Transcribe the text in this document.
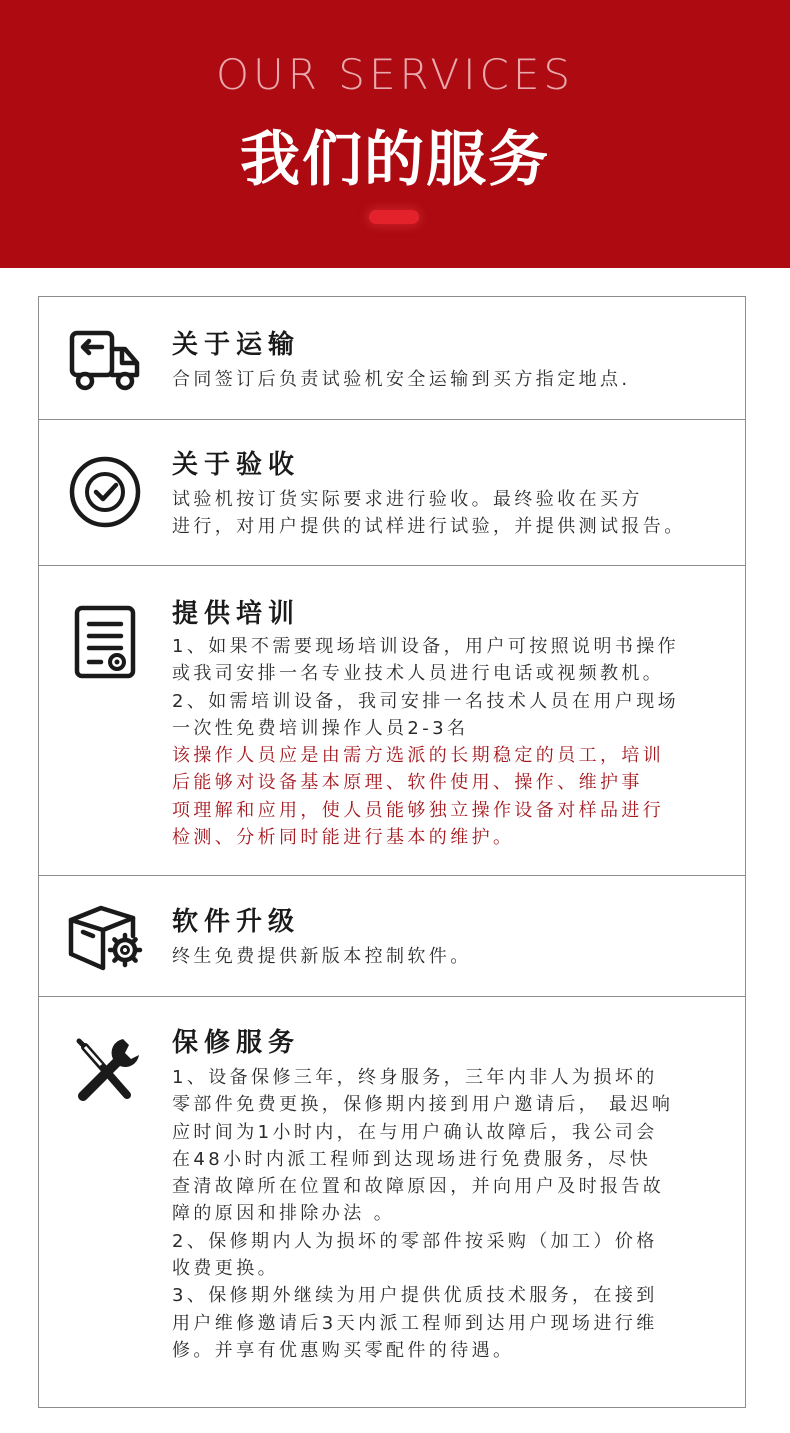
OUR SERVICES
我们的服务
关于运输
合同签订后负责试验机安全运输到买方指定地点.
关于验收
试验机按订货实际要求进行验收。最终验收在买方
进行，对用户提供的试样进行试验，并提供测试报告。
提供培训
1、如果不需要现场培训设备，用户可按照说明书操作
或我司安排一名专业技术人员进行电话或视频教机。
2、如需培训设备，我司安排一名技术人员在用户现场
一次性免费培训操作人员2-3名
该操作人员应是由需方选派的长期稳定的员工，培训
后能够对设备基本原理、软件使用、操作、维护事
项理解和应用，使人员能够独立操作设备对样品进行
检测、分析同时能进行基本的维护。
软件升级
终生免费提供新版本控制软件。
保修服务
1、设备保修三年，终身服务，三年内非人为损坏的
零部件免费更换，保修期内接到用户邀请后， 最迟响
应时间为1小时内，在与用户确认故障后，我公司会
在48小时内派工程师到达现场进行免费服务，尽快
查清故障所在位置和故障原因，并向用户及时报告故
障的原因和排除办法 。
2、保修期内人为损坏的零部件按采购（加工）价格
收费更换。
3、保修期外继续为用户提供优质技术服务，在接到
用户维修邀请后3天内派工程师到达用户现场进行维
修。并享有优惠购买零配件的待遇。
